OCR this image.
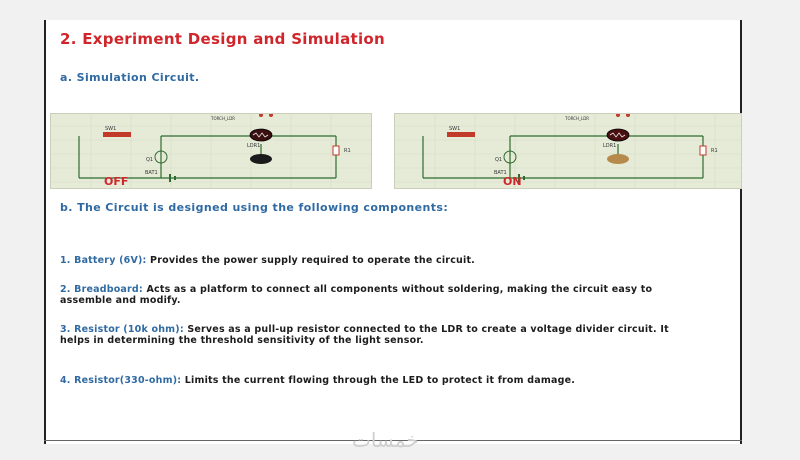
2. Experiment Design and Simulation
a. Simulation Circuit.
SW1
TORCH_LDR
LDR1
R1
Q1
BAT1
SW1
TORCH_LDR
LDR1
R1
Q1
BAT1
OFF	ON
b. The Circuit is designed using the following components:
1. Battery (6V): Provides the power supply required to operate the circuit.
2. Breadboard: Acts as a platform to connect all components without soldering, making the circuit easy to assemble and modify.
3. Resistor (10k ohm): Serves as a pull-up resistor connected to the LDR to create a voltage divider circuit. It helps in determining the threshold sensitivity of the light sensor.
4. Resistor(330-ohm): Limits the current flowing through the LED to protect it from damage.
خمسات
